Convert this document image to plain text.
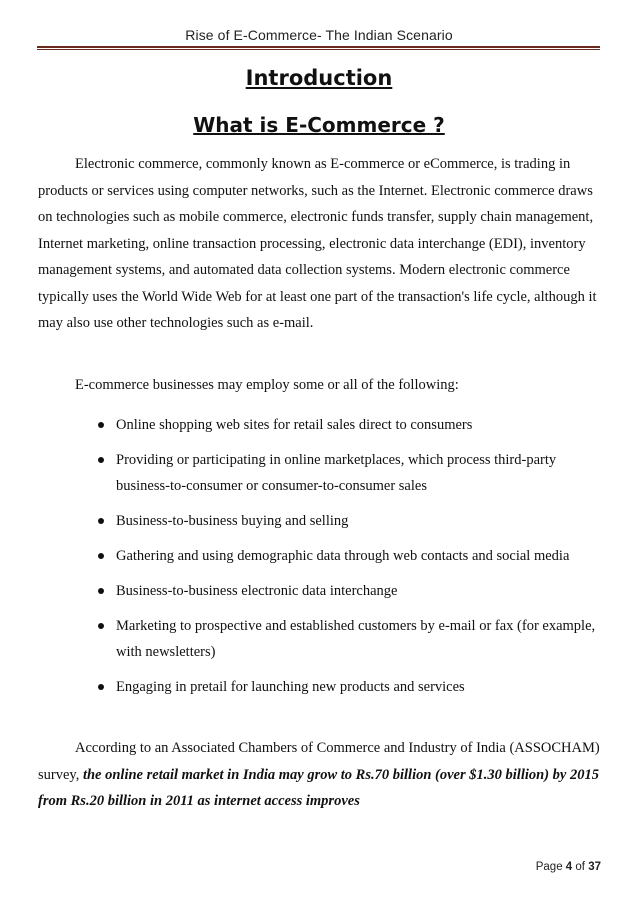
Rise of E-Commerce- The Indian Scenario
Introduction
What is E-Commerce ?
Electronic commerce, commonly known as E-commerce or eCommerce, is trading in products or services using computer networks, such as the Internet. Electronic commerce draws on technologies such as mobile commerce, electronic funds transfer, supply chain management, Internet marketing, online transaction processing, electronic data interchange (EDI), inventory management systems, and automated data collection systems. Modern electronic commerce typically uses the World Wide Web for at least one part of the transaction's life cycle, although it may also use other technologies such as e-mail.
E-commerce businesses may employ some or all of the following:
Online shopping web sites for retail sales direct to consumers
Providing or participating in online marketplaces, which process third-party business-to-consumer or consumer-to-consumer sales
Business-to-business buying and selling
Gathering and using demographic data through web contacts and social media
Business-to-business electronic data interchange
Marketing to prospective and established customers by e-mail or fax (for example, with newsletters)
Engaging in pretail for launching new products and services
According to an Associated Chambers of Commerce and Industry of India (ASSOCHAM) survey, the online retail market in India may grow to Rs.70 billion (over $1.30 billion) by 2015 from Rs.20 billion in 2011 as internet access improves
Page 4 of 37
